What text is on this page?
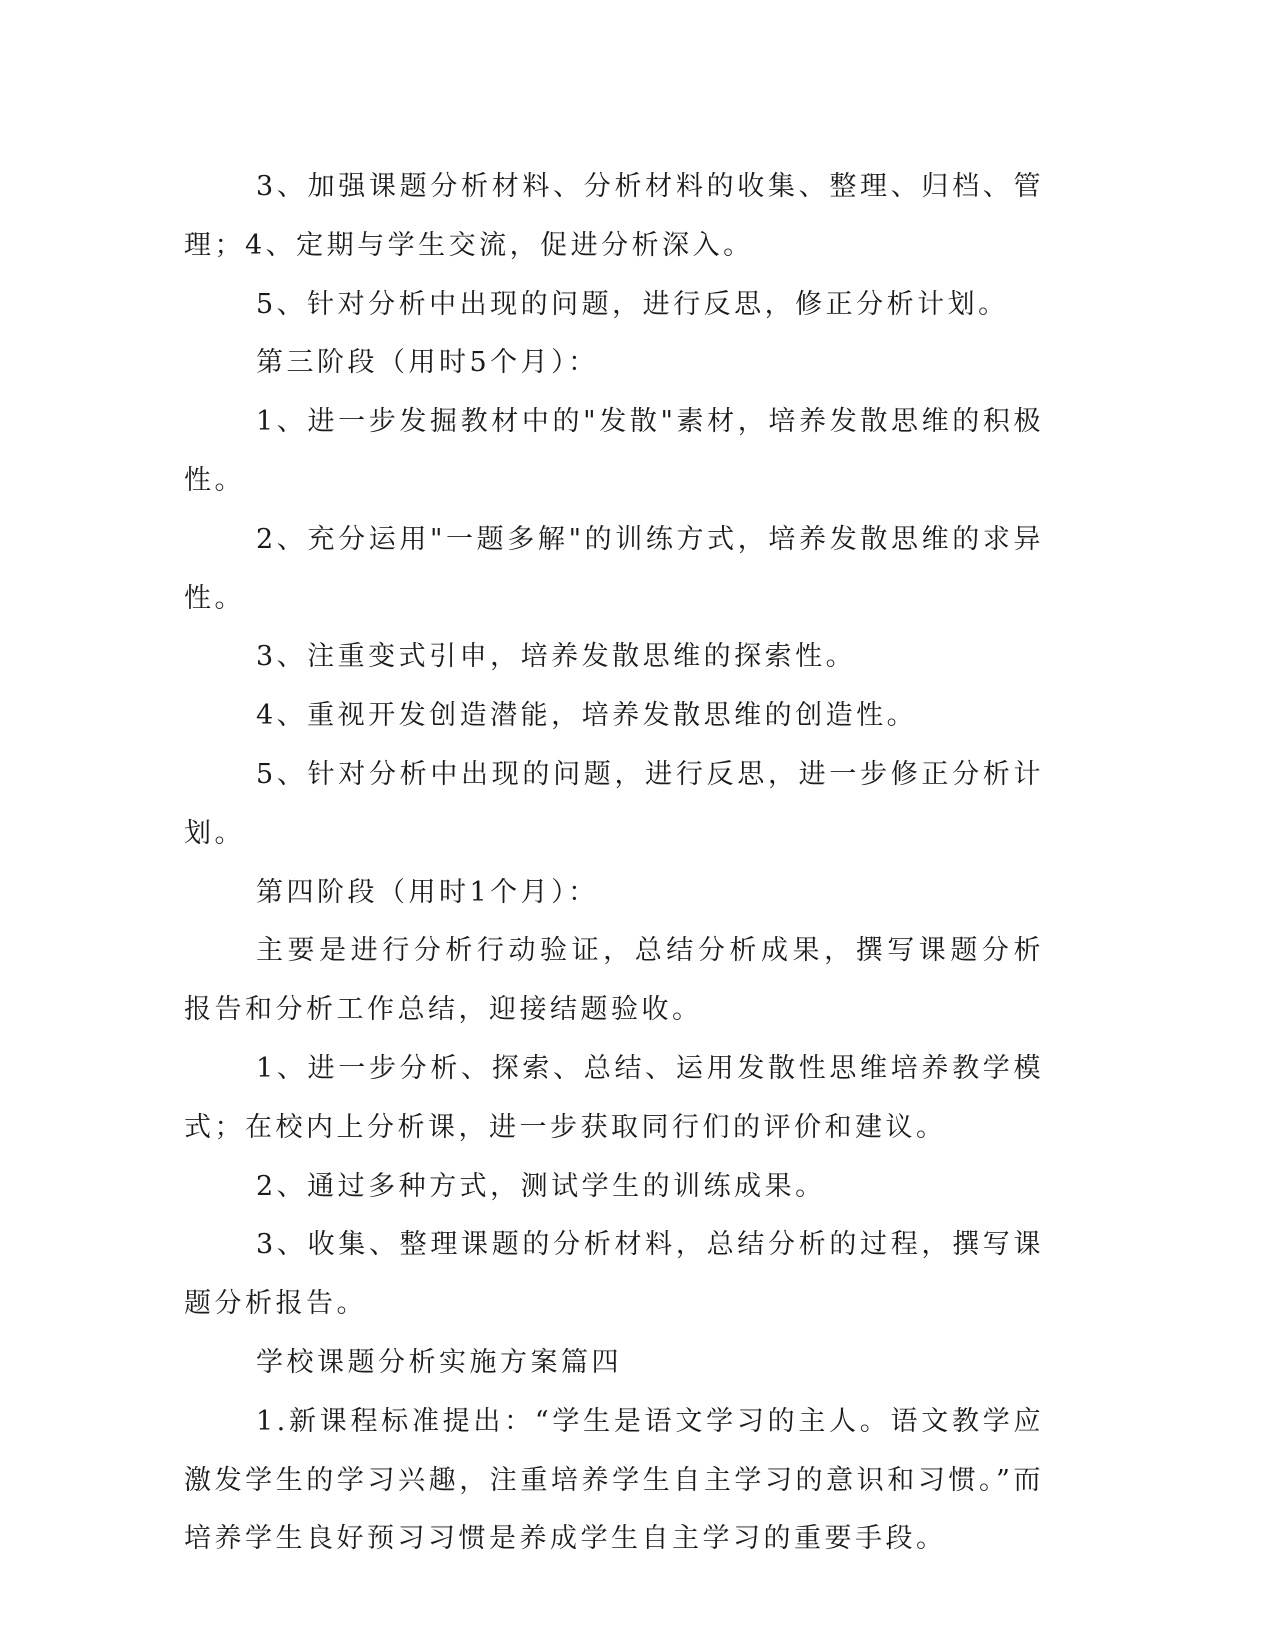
3、加强课题分析材料、分析材料的收集、整理、归档、管理；4、定期与学生交流，促进分析深入。

5、针对分析中出现的问题，进行反思，修正分析计划。

第三阶段（用时5个月）：

1、进一步发掘教材中的"发散"素材，培养发散思维的积极性。

2、充分运用"一题多解"的训练方式，培养发散思维的求异性。

3、注重变式引申，培养发散思维的探索性。

4、重视开发创造潜能，培养发散思维的创造性。

5、针对分析中出现的问题，进行反思，进一步修正分析计划。

第四阶段（用时1个月）：

主要是进行分析行动验证，总结分析成果，撰写课题分析报告和分析工作总结，迎接结题验收。

1、进一步分析、探索、总结、运用发散性思维培养教学模式；在校内上分析课，进一步获取同行们的评价和建议。

2、通过多种方式，测试学生的训练成果。

3、收集、整理课题的分析材料，总结分析的过程，撰写课题分析报告。

学校课题分析实施方案篇四

1.新课程标准提出：“学生是语文学习的主人。语文教学应激发学生的学习兴趣，注重培养学生自主学习的意识和习惯。”而培养学生良好预习习惯是养成学生自主学习的重要手段。
